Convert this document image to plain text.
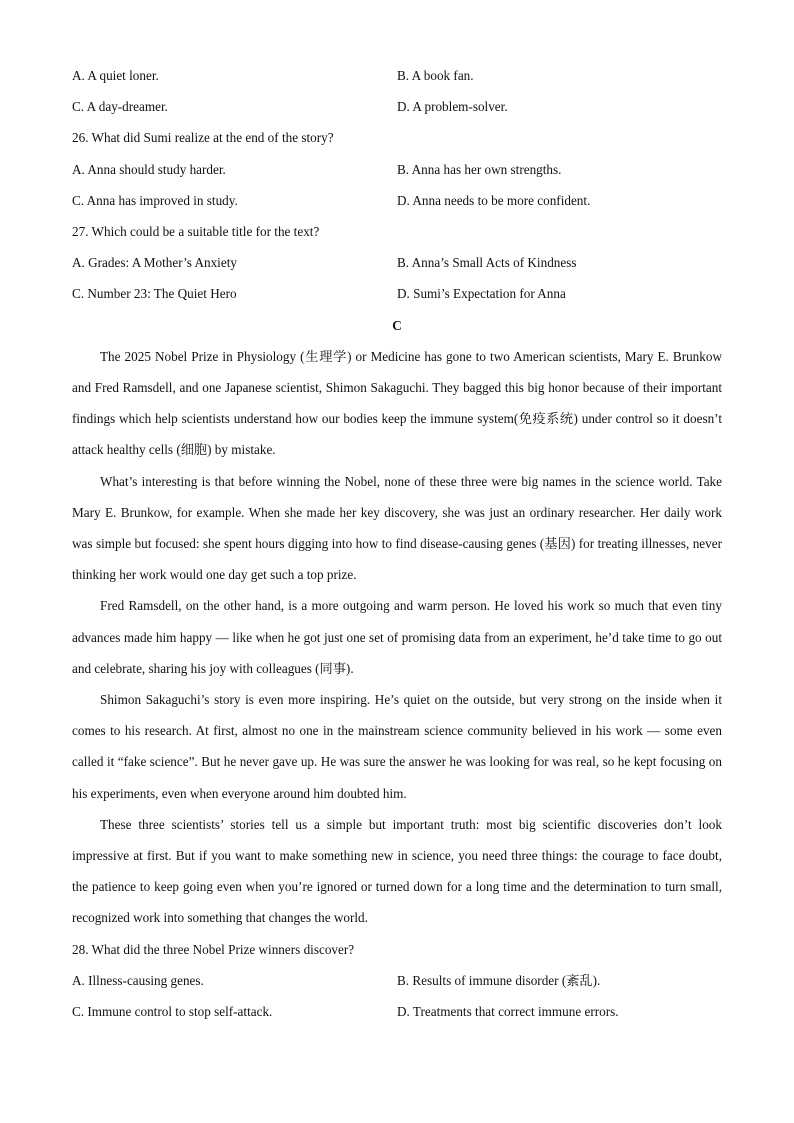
A. A quiet loner.	B. A book fan.
C. A day-dreamer.	D. A problem-solver.
26. What did Sumi realize at the end of the story?
A. Anna should study harder.	B. Anna has her own strengths.
C. Anna has improved in study.	D. Anna needs to be more confident.
27. Which could be a suitable title for the text?
A. Grades: A Mother’s Anxiety	B. Anna’s Small Acts of Kindness
C. Number 23: The Quiet Hero	D. Sumi’s Expectation for Anna
C

The 2025 Nobel Prize in Physiology (生理学) or Medicine has gone to two American scientists, Mary E. Brunkow and Fred Ramsdell, and one Japanese scientist, Shimon Sakaguchi. They bagged this big honor because of their important findings which help scientists understand how our bodies keep the immune system(免疫系统) under control so it doesn’t attack healthy cells (细胞) by mistake.

What’s interesting is that before winning the Nobel, none of these three were big names in the science world. Take Mary E. Brunkow, for example. When she made her key discovery, she was just an ordinary researcher. Her daily work was simple but focused: she spent hours digging into how to find disease-causing genes (基因) for treating illnesses, never thinking her work would one day get such a top prize.

Fred Ramsdell, on the other hand, is a more outgoing and warm person. He loved his work so much that even tiny advances made him happy — like when he got just one set of promising data from an experiment, he’d take time to go out and celebrate, sharing his joy with colleagues (同事).

Shimon Sakaguchi’s story is even more inspiring. He’s quiet on the outside, but very strong on the inside when it comes to his research. At first, almost no one in the mainstream science community believed in his work — some even called it “fake science”. But he never gave up. He was sure the answer he was looking for was real, so he kept focusing on his experiments, even when everyone around him doubted him.

These three scientists’ stories tell us a simple but important truth: most big scientific discoveries don’t look impressive at first. But if you want to make something new in science, you need three things: the courage to face doubt, the patience to keep going even when you’re ignored or turned down for a long time and the determination to turn small, recognized work into something that changes the world.

28. What did the three Nobel Prize winners discover?
A. Illness-causing genes.	B. Results of immune disorder (紊乱).
C. Immune control to stop self-attack.	D. Treatments that correct immune errors.
